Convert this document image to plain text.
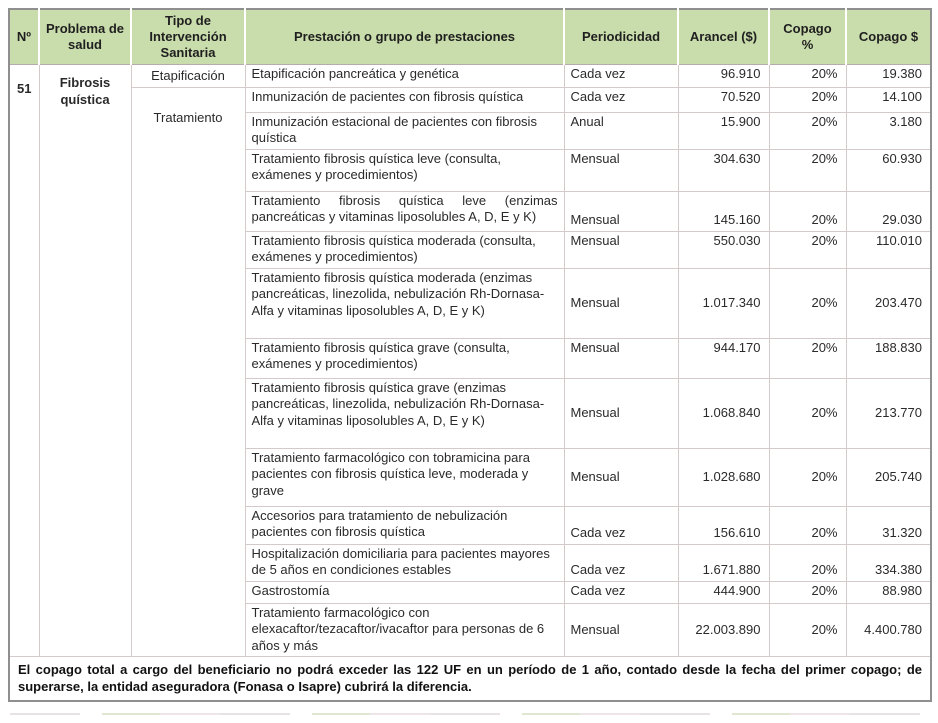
Nº	Problema de salud	Tipo de Intervención Sanitaria	Prestación o grupo de prestaciones	Periodicidad	Arancel ($)	Copago %	Copago $
51	Fibrosis quística	Etapificación	Etapificación pancreática y genética	Cada vez	96.910	20%	19.380
		Tratamiento	Inmunización de pacientes con fibrosis quística	Cada vez	70.520	20%	14.100
			Inmunización estacional de pacientes con fibrosis quística	Anual	15.900	20%	3.180
			Tratamiento fibrosis quística leve (consulta, exámenes y procedimientos)	Mensual	304.630	20%	60.930
			Tratamiento fibrosis quística leve (enzimas pancreáticas y vitaminas liposolubles A, D, E y K)	Mensual	145.160	20%	29.030
			Tratamiento fibrosis quística moderada (consulta, exámenes y procedimientos)	Mensual	550.030	20%	110.010
			Tratamiento fibrosis quística moderada (enzimas pancreáticas, linezolida, nebulización Rh-Dornasa-Alfa y vitaminas liposolubles A, D, E y K)	Mensual	1.017.340	20%	203.470
			Tratamiento fibrosis quística grave (consulta, exámenes y procedimientos)	Mensual	944.170	20%	188.830
			Tratamiento fibrosis quística grave (enzimas pancreáticas, linezolida, nebulización Rh-Dornasa-Alfa y vitaminas liposolubles A, D, E y K)	Mensual	1.068.840	20%	213.770
			Tratamiento farmacológico con tobramicina para pacientes con fibrosis quística leve, moderada y grave	Mensual	1.028.680	20%	205.740
			Accesorios para tratamiento de nebulización pacientes con fibrosis quística	Cada vez	156.610	20%	31.320
			Hospitalización domiciliaria para pacientes mayores de 5 años en condiciones estables	Cada vez	1.671.880	20%	334.380
			Gastrostomía	Cada vez	444.900	20%	88.980
			Tratamiento farmacológico con elexacaftor/tezacaftor/ivacaftor para personas de 6 años y más	Mensual	22.003.890	20%	4.400.780
El copago total a cargo del beneficiario no podrá exceder las 122 UF en un período de 1 año, contado desde la fecha del primer copago; de superarse, la entidad aseguradora (Fonasa o Isapre) cubrirá la diferencia.							
